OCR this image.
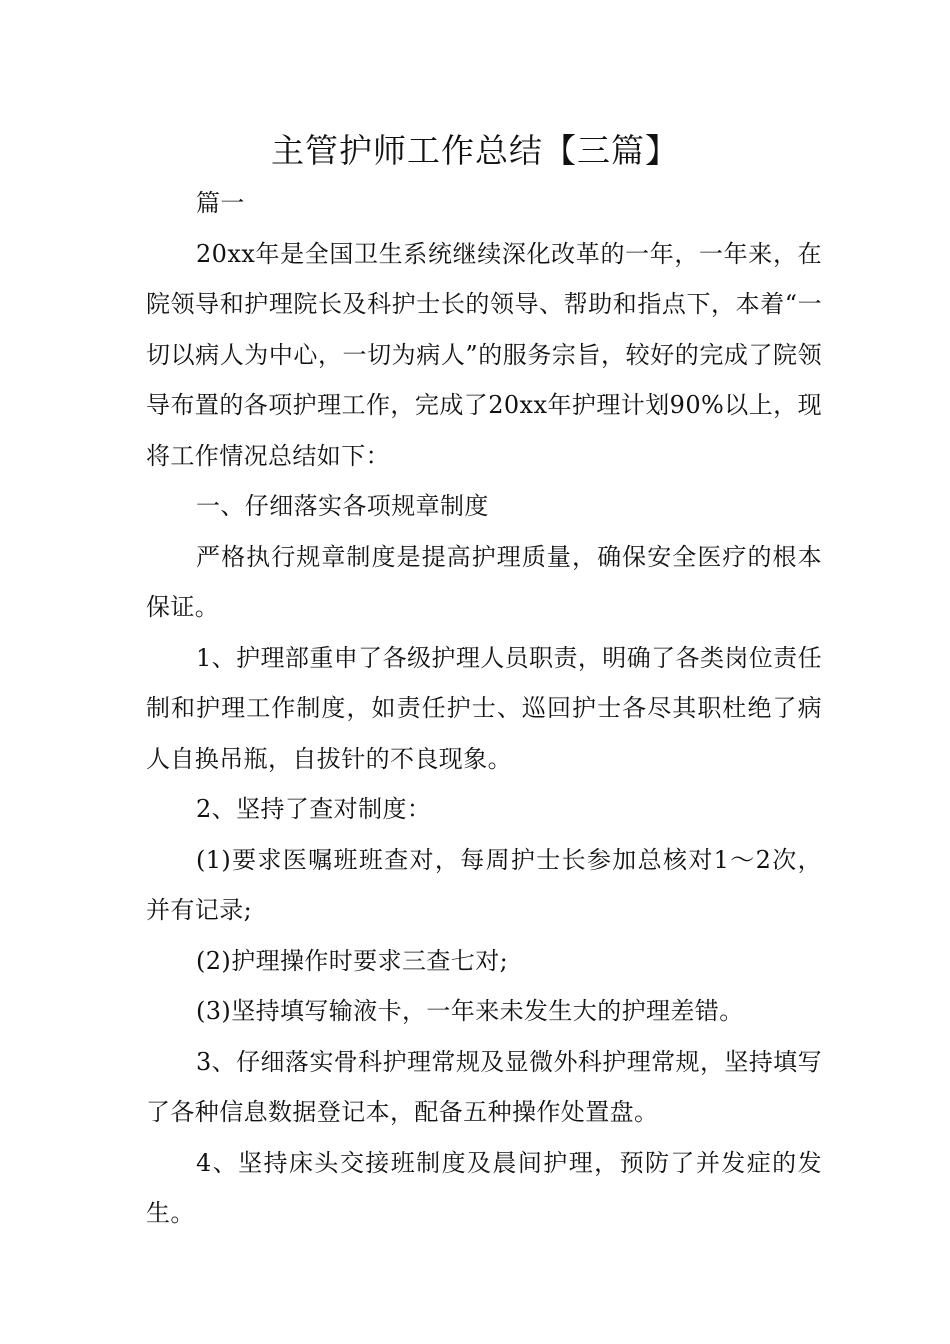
主管护师工作总结【三篇】

篇一

20xx年是全国卫生系统继续深化改革的一年，一年来，在院领导和护理院长及科护士长的领导、帮助和指点下，本着“一切以病人为中心，一切为病人”的服务宗旨，较好的完成了院领导布置的各项护理工作，完成了20xx年护理计划90%以上，现将工作情况总结如下：

一、仔细落实各项规章制度

严格执行规章制度是提高护理质量，确保安全医疗的根本保证。

1、护理部重申了各级护理人员职责，明确了各类岗位责任制和护理工作制度，如责任护士、巡回护士各尽其职杜绝了病人自换吊瓶，自拔针的不良现象。

2、坚持了查对制度：

(1)要求医嘱班班查对，每周护士长参加总核对1～2次，并有记录;

(2)护理操作时要求三查七对;

(3)坚持填写输液卡，一年来未发生大的护理差错。

3、仔细落实骨科护理常规及显微外科护理常规，坚持填写了各种信息数据登记本，配备五种操作处置盘。

4、坚持床头交接班制度及晨间护理，预防了并发症的发生。
